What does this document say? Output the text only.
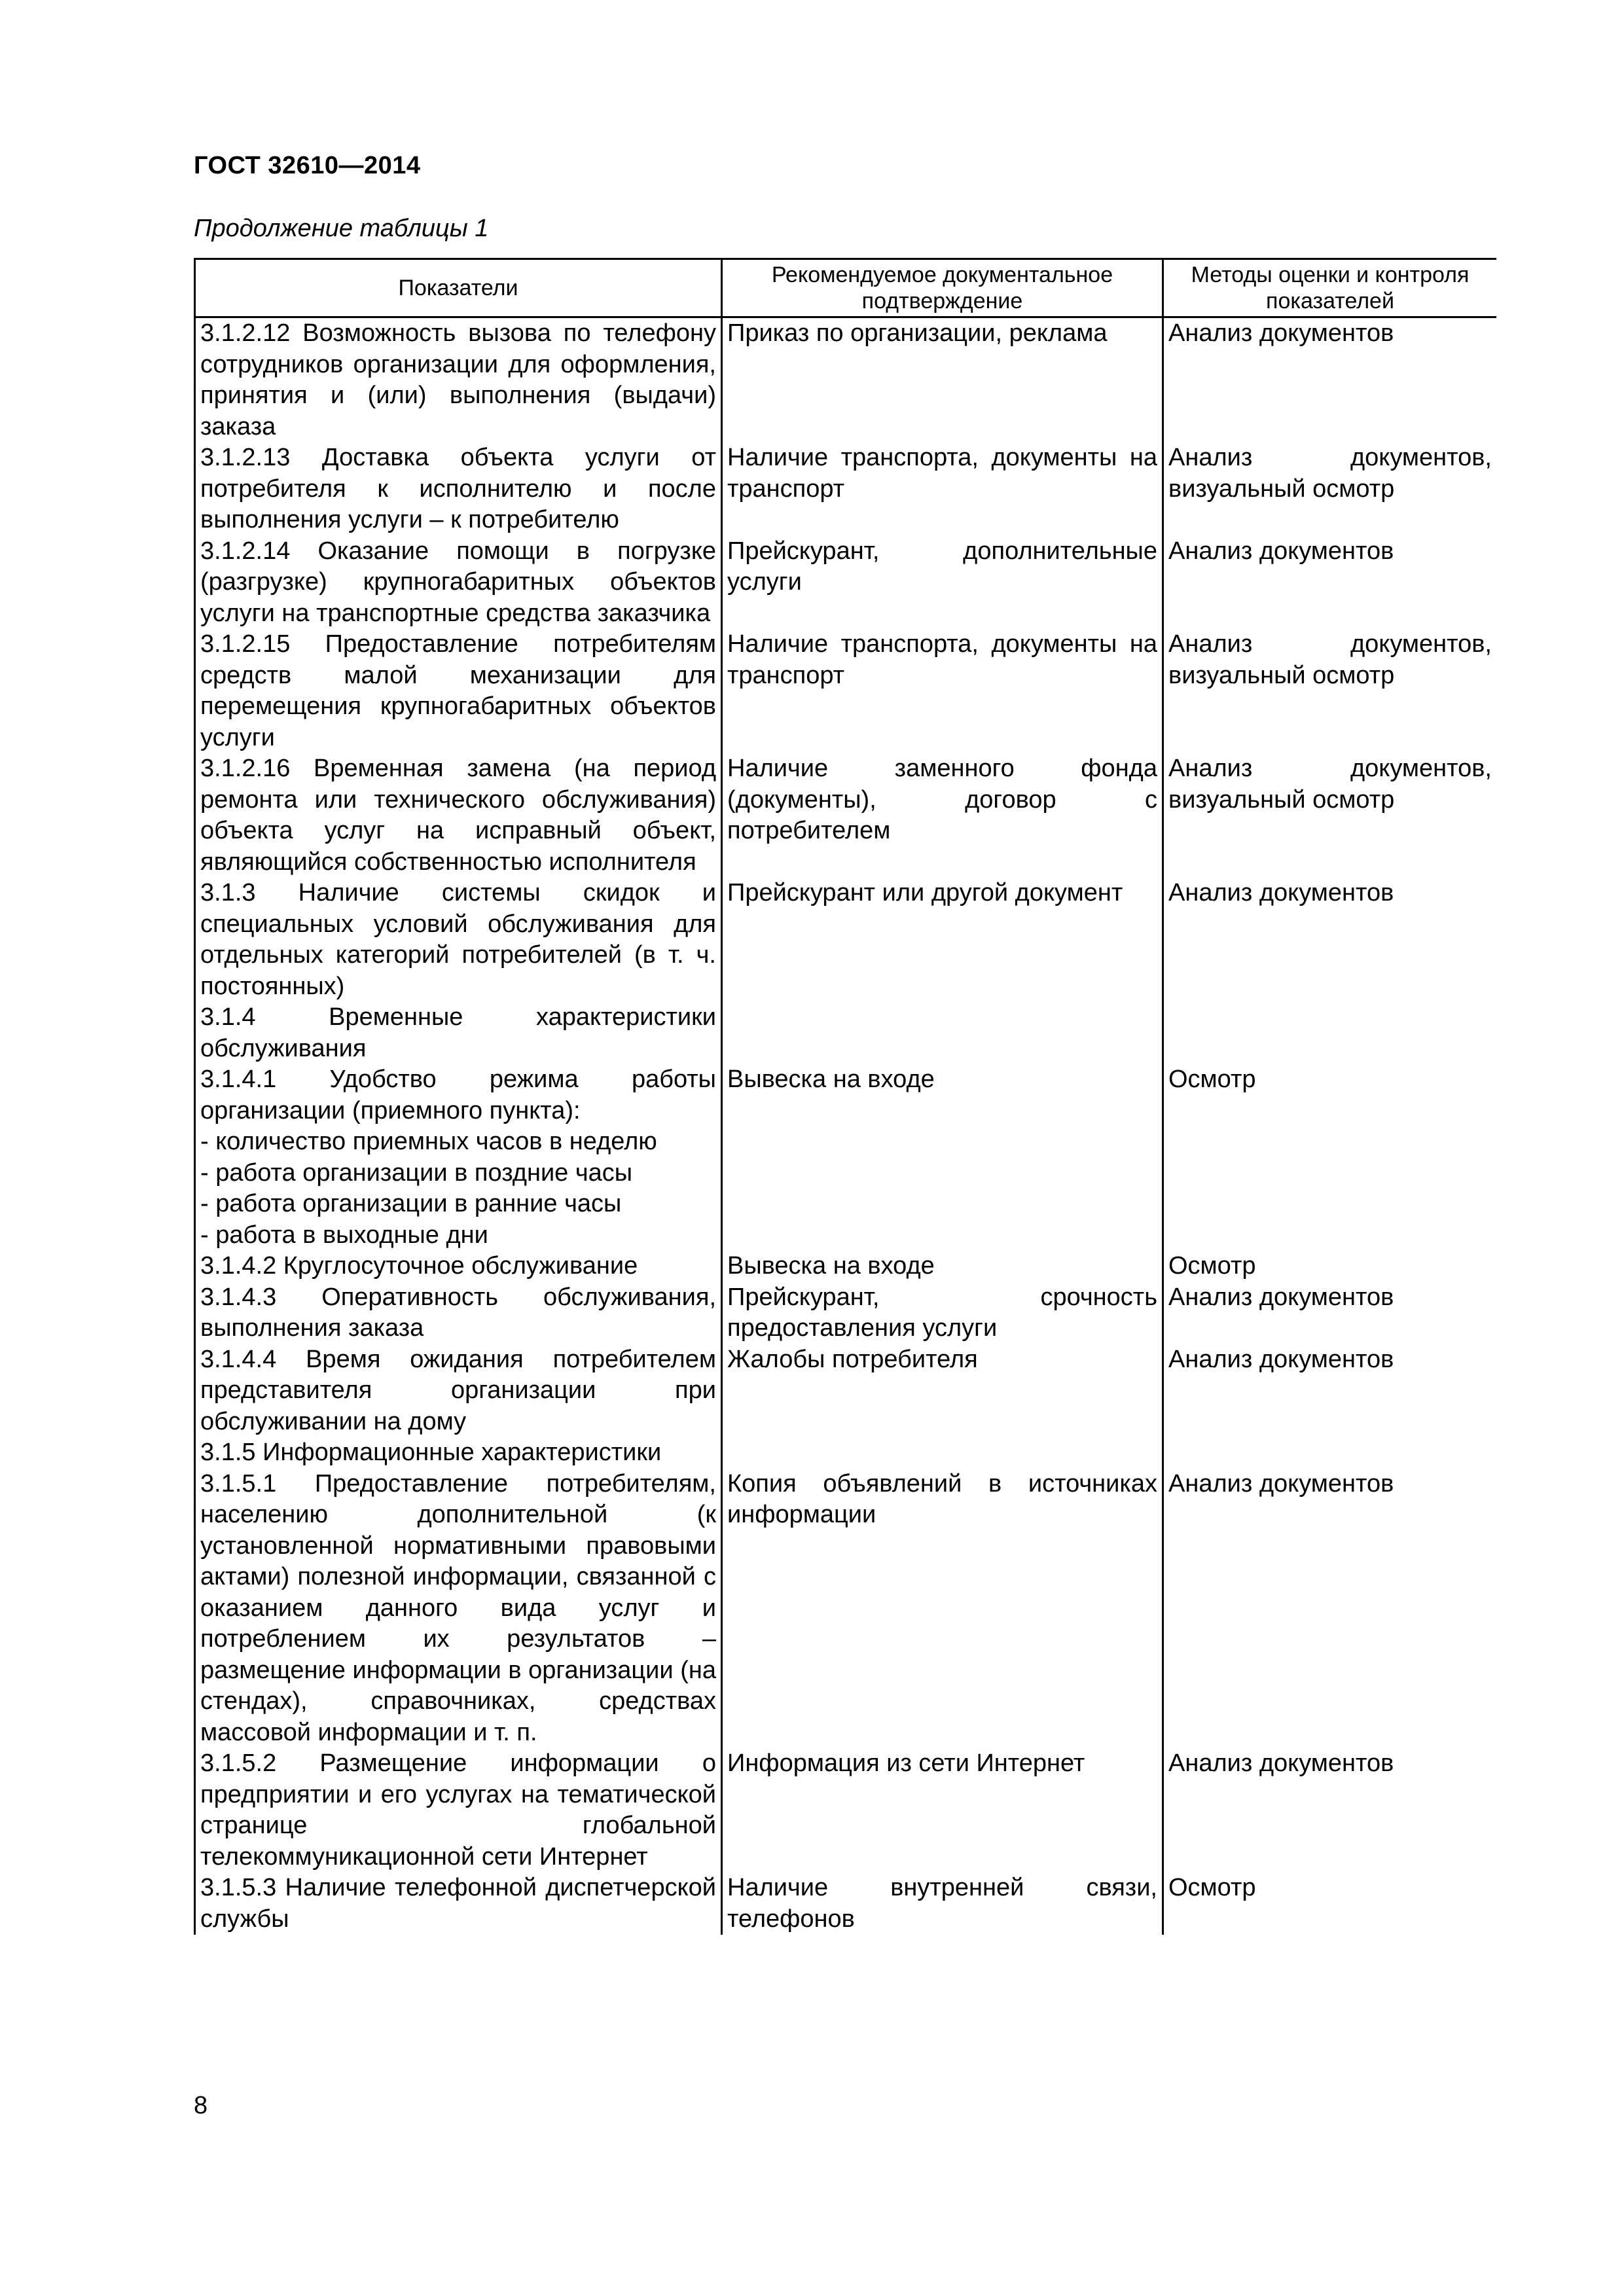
ГОСТ 32610—2014
Продолжение таблицы 1
Показатели	Рекомендуемое документальное подтверждение	Методы оценки и контроля показателей
3.1.2.12 Возможность вызова по телефону сотрудников организации для оформления, принятия и (или) выполнения (выдачи) заказа	Приказ по организации, реклама	Анализ документов
3.1.2.13 Доставка объекта услуги от потребителя к исполнителю и после выполнения услуги – к потребителю	Наличие транспорта, документы на транспорт	Анализ документов, визуальный осмотр
3.1.2.14 Оказание помощи в погрузке (разгрузке) крупногабаритных объектов услуги на транспортные средства заказчика	Прейскурант, дополнительные услуги	Анализ документов
3.1.2.15 Предоставление потребителям средств малой механизации для перемещения крупногабаритных объектов услуги	Наличие транспорта, документы на транспорт	Анализ документов, визуальный осмотр
3.1.2.16 Временная замена (на период ремонта или технического обслуживания) объекта услуг на исправный объект, являющийся собственностью исполнителя	Наличие заменного фонда (документы), договор с потребителем	Анализ документов, визуальный осмотр
3.1.3 Наличие системы скидок и специальных условий обслуживания для отдельных категорий потребителей (в т. ч. постоянных)	Прейскурант или другой документ	Анализ документов
3.1.4 Временные характеристики обслуживания		

3.1.4.1 Удобство режима работы организации (приемного пункта):
- количество приемных часов в неделю
- работа организации в поздние часы
- работа организации в ранние часы
- работа в выходные дни	Вывеска на входе	Осмотр
3.1.4.2 Круглосуточное обслуживание	Вывеска на входе	Осмотр
3.1.4.3 Оперативность обслуживания, выполнения заказа	Прейскурант, срочность предоставления услуги	Анализ документов
3.1.4.4 Время ожидания потребителем представителя организации при обслуживании на дому	Жалобы потребителя	Анализ документов
3.1.5 Информационные характеристики		
3.1.5.1 Предоставление потребителям, населению дополнительной (к установленной нормативными правовыми актами) полезной информации, связанной с оказанием данного вида услуг и потреблением их результатов – размещение информации в организации (на стендах), справочниках, средствах массовой информации и т. п.	Копия объявлений в источниках информации	Анализ документов
3.1.5.2 Размещение информации о предприятии и его услугах на тематической странице глобальной телекоммуникационной сети Интернет	Информация из сети Интернет	Анализ документов
3.1.5.3 Наличие телефонной диспетчерской службы	Наличие внутренней связи, телефонов	Осмотр
8
